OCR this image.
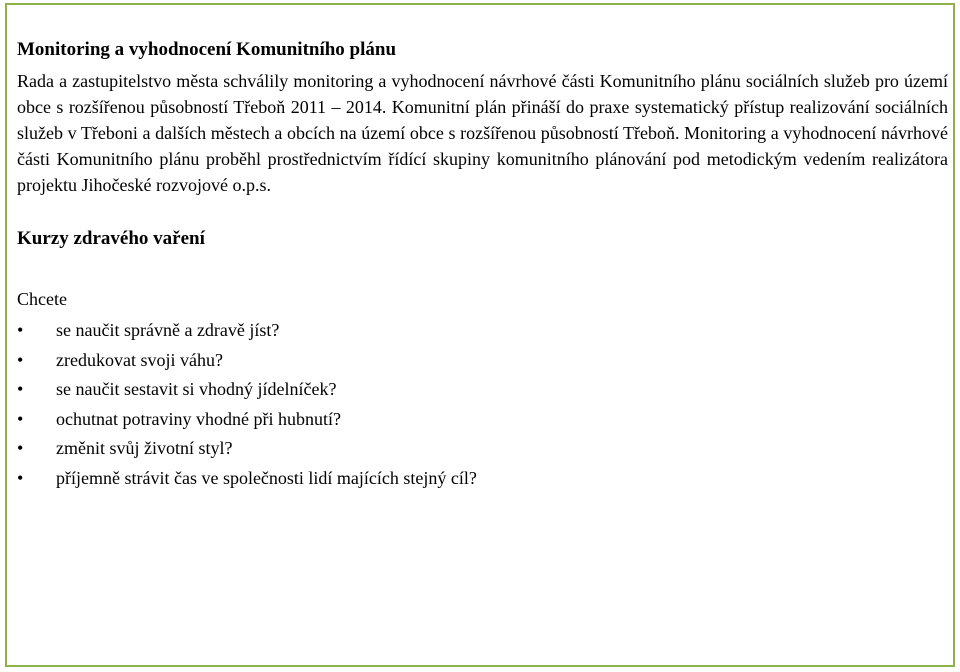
Monitoring a vyhodnocení Komunitního plánu

Rada a zastupitelstvo města schválily monitoring a vyhodnocení návrhové části Komunitního plánu sociálních služeb pro území obce s rozšířenou působností Třeboň 2011 – 2014. Komunitní plán přináší do praxe systematický přístup realizování sociálních služeb v Třeboni a dalších městech a obcích na území obce s rozšířenou působností Třeboň. Monitoring a vyhodnocení návrhové části Komunitního plánu proběhl prostřednictvím řídící skupiny komunitního plánování pod metodickým vedením realizátora projektu Jihočeské rozvojové o.p.s.

Kurzy zdravého vaření

Chcete

• se naučit správně a zdravě jíst?
• zredukovat svoji váhu?
• se naučit sestavit si vhodný jídelníček?
• ochutnat potraviny vhodné při hubnutí?
• změnit svůj životní styl?
• příjemně strávit čas ve společnosti lidí majících stejný cíl?
